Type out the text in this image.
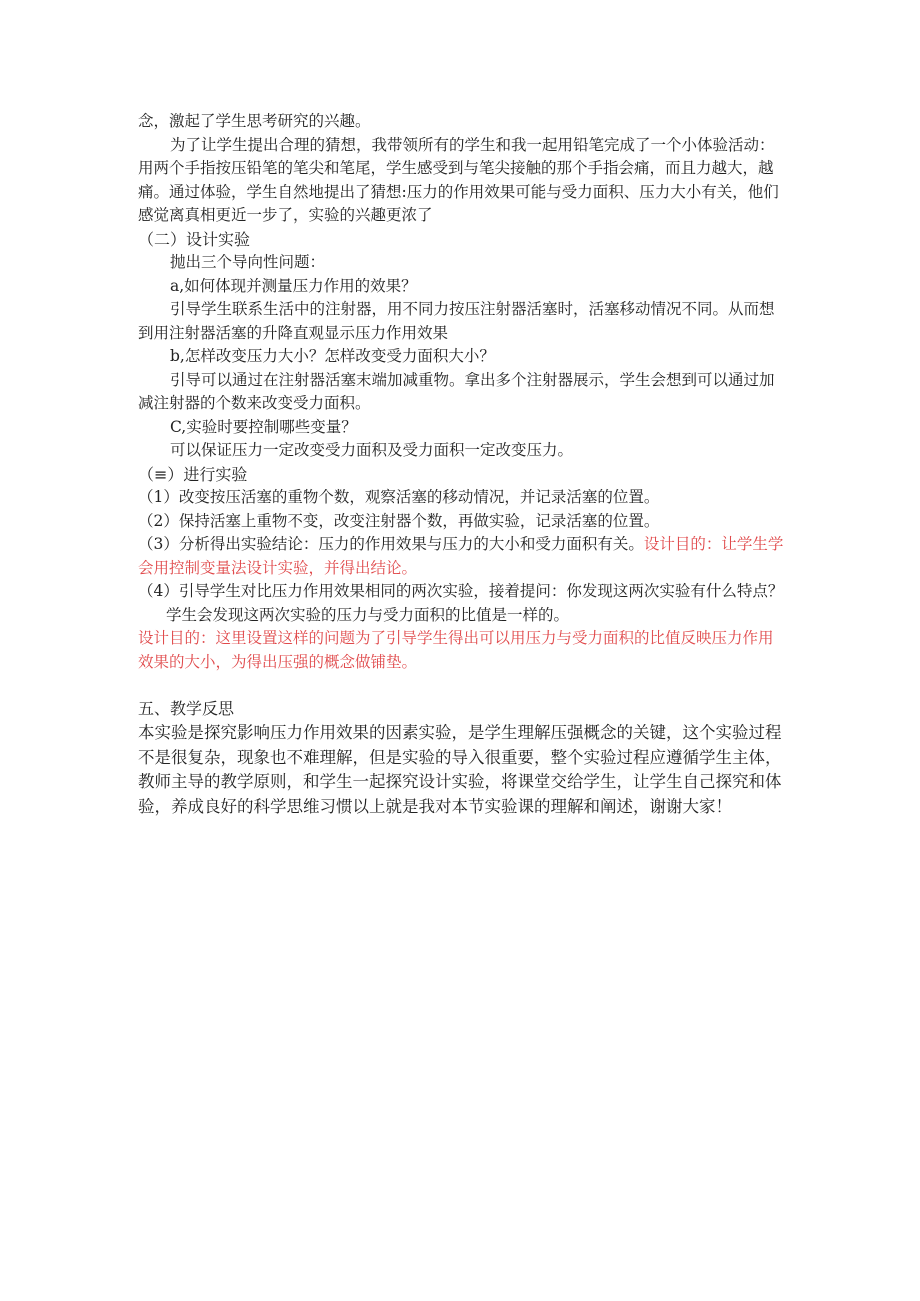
念，激起了学生思考研究的兴趣。

为了让学生提出合理的猜想，我带领所有的学生和我一起用铅笔完成了一个小体验活动：用两个手指按压铅笔的笔尖和笔尾，学生感受到与笔尖接触的那个手指会痛，而且力越大，越痛。通过体验，学生自然地提出了猜想:压力的作用效果可能与受力面积、压力大小有关，他们感觉离真相更近一步了，实验的兴趣更浓了

（二）设计实验

抛出三个导向性问题：

a,如何体现并测量压力作用的效果？

引导学生联系生活中的注射器，用不同力按压注射器活塞时，活塞移动情况不同。从而想到用注射器活塞的升降直观显示压力作用效果

b,怎样改变压力大小？怎样改变受力面积大小？

引导可以通过在注射器活塞末端加减重物。拿出多个注射器展示，学生会想到可以通过加减注射器的个数来改变受力面积。

C,实验时要控制哪些变量？

可以保证压力一定改变受力面积及受力面积一定改变压力。

（≡）进行实验

（1）改变按压活塞的重物个数，观察活塞的移动情况，并记录活塞的位置。

（2）保持活塞上重物不变，改变注射器个数，再做实验，记录活塞的位置。

（3）分析得出实验结论：压力的作用效果与压力的大小和受力面积有关。设计目的：让学生学会用控制变量法设计实验，并得出结论。

（4）引导学生对比压力作用效果相同的两次实验，接着提问：你发现这两次实验有什么特点？

学生会发现这两次实验的压力与受力面积的比值是一样的。

设计目的：这里设置这样的问题为了引导学生得出可以用压力与受力面积的比值反映压力作用效果的大小，为得出压强的概念做铺垫。

五、教学反思

本实验是探究影响压力作用效果的因素实验，是学生理解压强概念的关键，这个实验过程不是很复杂，现象也不难理解，但是实验的导入很重要，整个实验过程应遵循学生主体，教师主导的教学原则，和学生一起探究设计实验，将课堂交给学生，让学生自己探究和体验，养成良好的科学思维习惯以上就是我对本节实验课的理解和阐述，谢谢大家！
